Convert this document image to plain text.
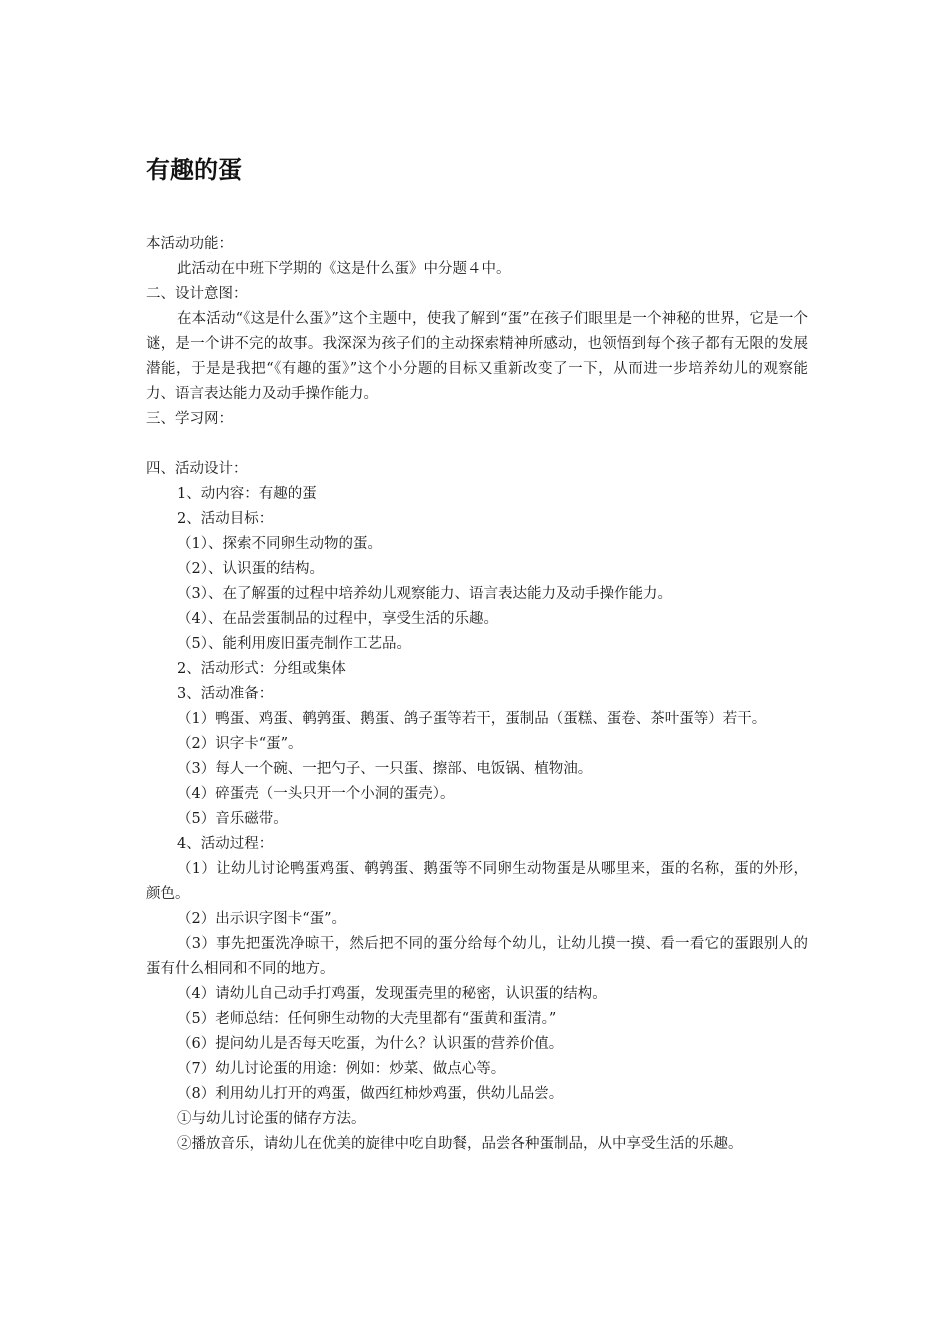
有趣的蛋

本活动功能：

此活动在中班下学期的《这是什么蛋》中分题４中。

二、设计意图：

在本活动“《这是什么蛋》”这个主题中，使我了解到“蛋”在孩子们眼里是一个神秘的世界，它是一个谜，是一个讲不完的故事。我深深为孩子们的主动探索精神所感动，也领悟到每个孩子都有无限的发展潜能，于是是我把“《有趣的蛋》”这个小分题的目标又重新改变了一下，从而进一步培养幼儿的观察能力、语言表达能力及动手操作能力。

三、学习网：

四、活动设计：

1、动内容：有趣的蛋

2、活动目标：

（1）、探索不同卵生动物的蛋。

（2）、认识蛋的结构。

（3）、在了解蛋的过程中培养幼儿观察能力、语言表达能力及动手操作能力。

（4）、在品尝蛋制品的过程中，享受生活的乐趣。

（5）、能利用废旧蛋壳制作工艺品。

2、活动形式：分组或集体

3、活动准备：

（1）鸭蛋、鸡蛋、鹌鹑蛋、鹅蛋、鸽子蛋等若干，蛋制品（蛋糕、蛋卷、茶叶蛋等）若干。

（2）识字卡“蛋”。

（3）每人一个碗、一把勺子、一只蛋、擦部、电饭锅、植物油。

（4）碎蛋壳（一头只开一个小洞的蛋壳）。

（5）音乐磁带。

4、活动过程：

（1）让幼儿讨论鸭蛋鸡蛋、鹌鹑蛋、鹅蛋等不同卵生动物蛋是从哪里来，蛋的名称，蛋的外形，颜色。

（2）出示识字图卡“蛋”。

（3）事先把蛋洗净晾干，然后把不同的蛋分给每个幼儿，让幼儿摸一摸、看一看它的蛋跟别人的蛋有什么相同和不同的地方。

（4）请幼儿自己动手打鸡蛋，发现蛋壳里的秘密，认识蛋的结构。

（5）老师总结：任何卵生动物的大壳里都有“蛋黄和蛋清。”

（6）提问幼儿是否每天吃蛋，为什么？认识蛋的营养价值。

（7）幼儿讨论蛋的用途：例如：炒菜、做点心等。

（8）利用幼儿打开的鸡蛋，做西红柿炒鸡蛋，供幼儿品尝。

①与幼儿讨论蛋的储存方法。

②播放音乐，请幼儿在优美的旋律中吃自助餐，品尝各种蛋制品，从中享受生活的乐趣。
